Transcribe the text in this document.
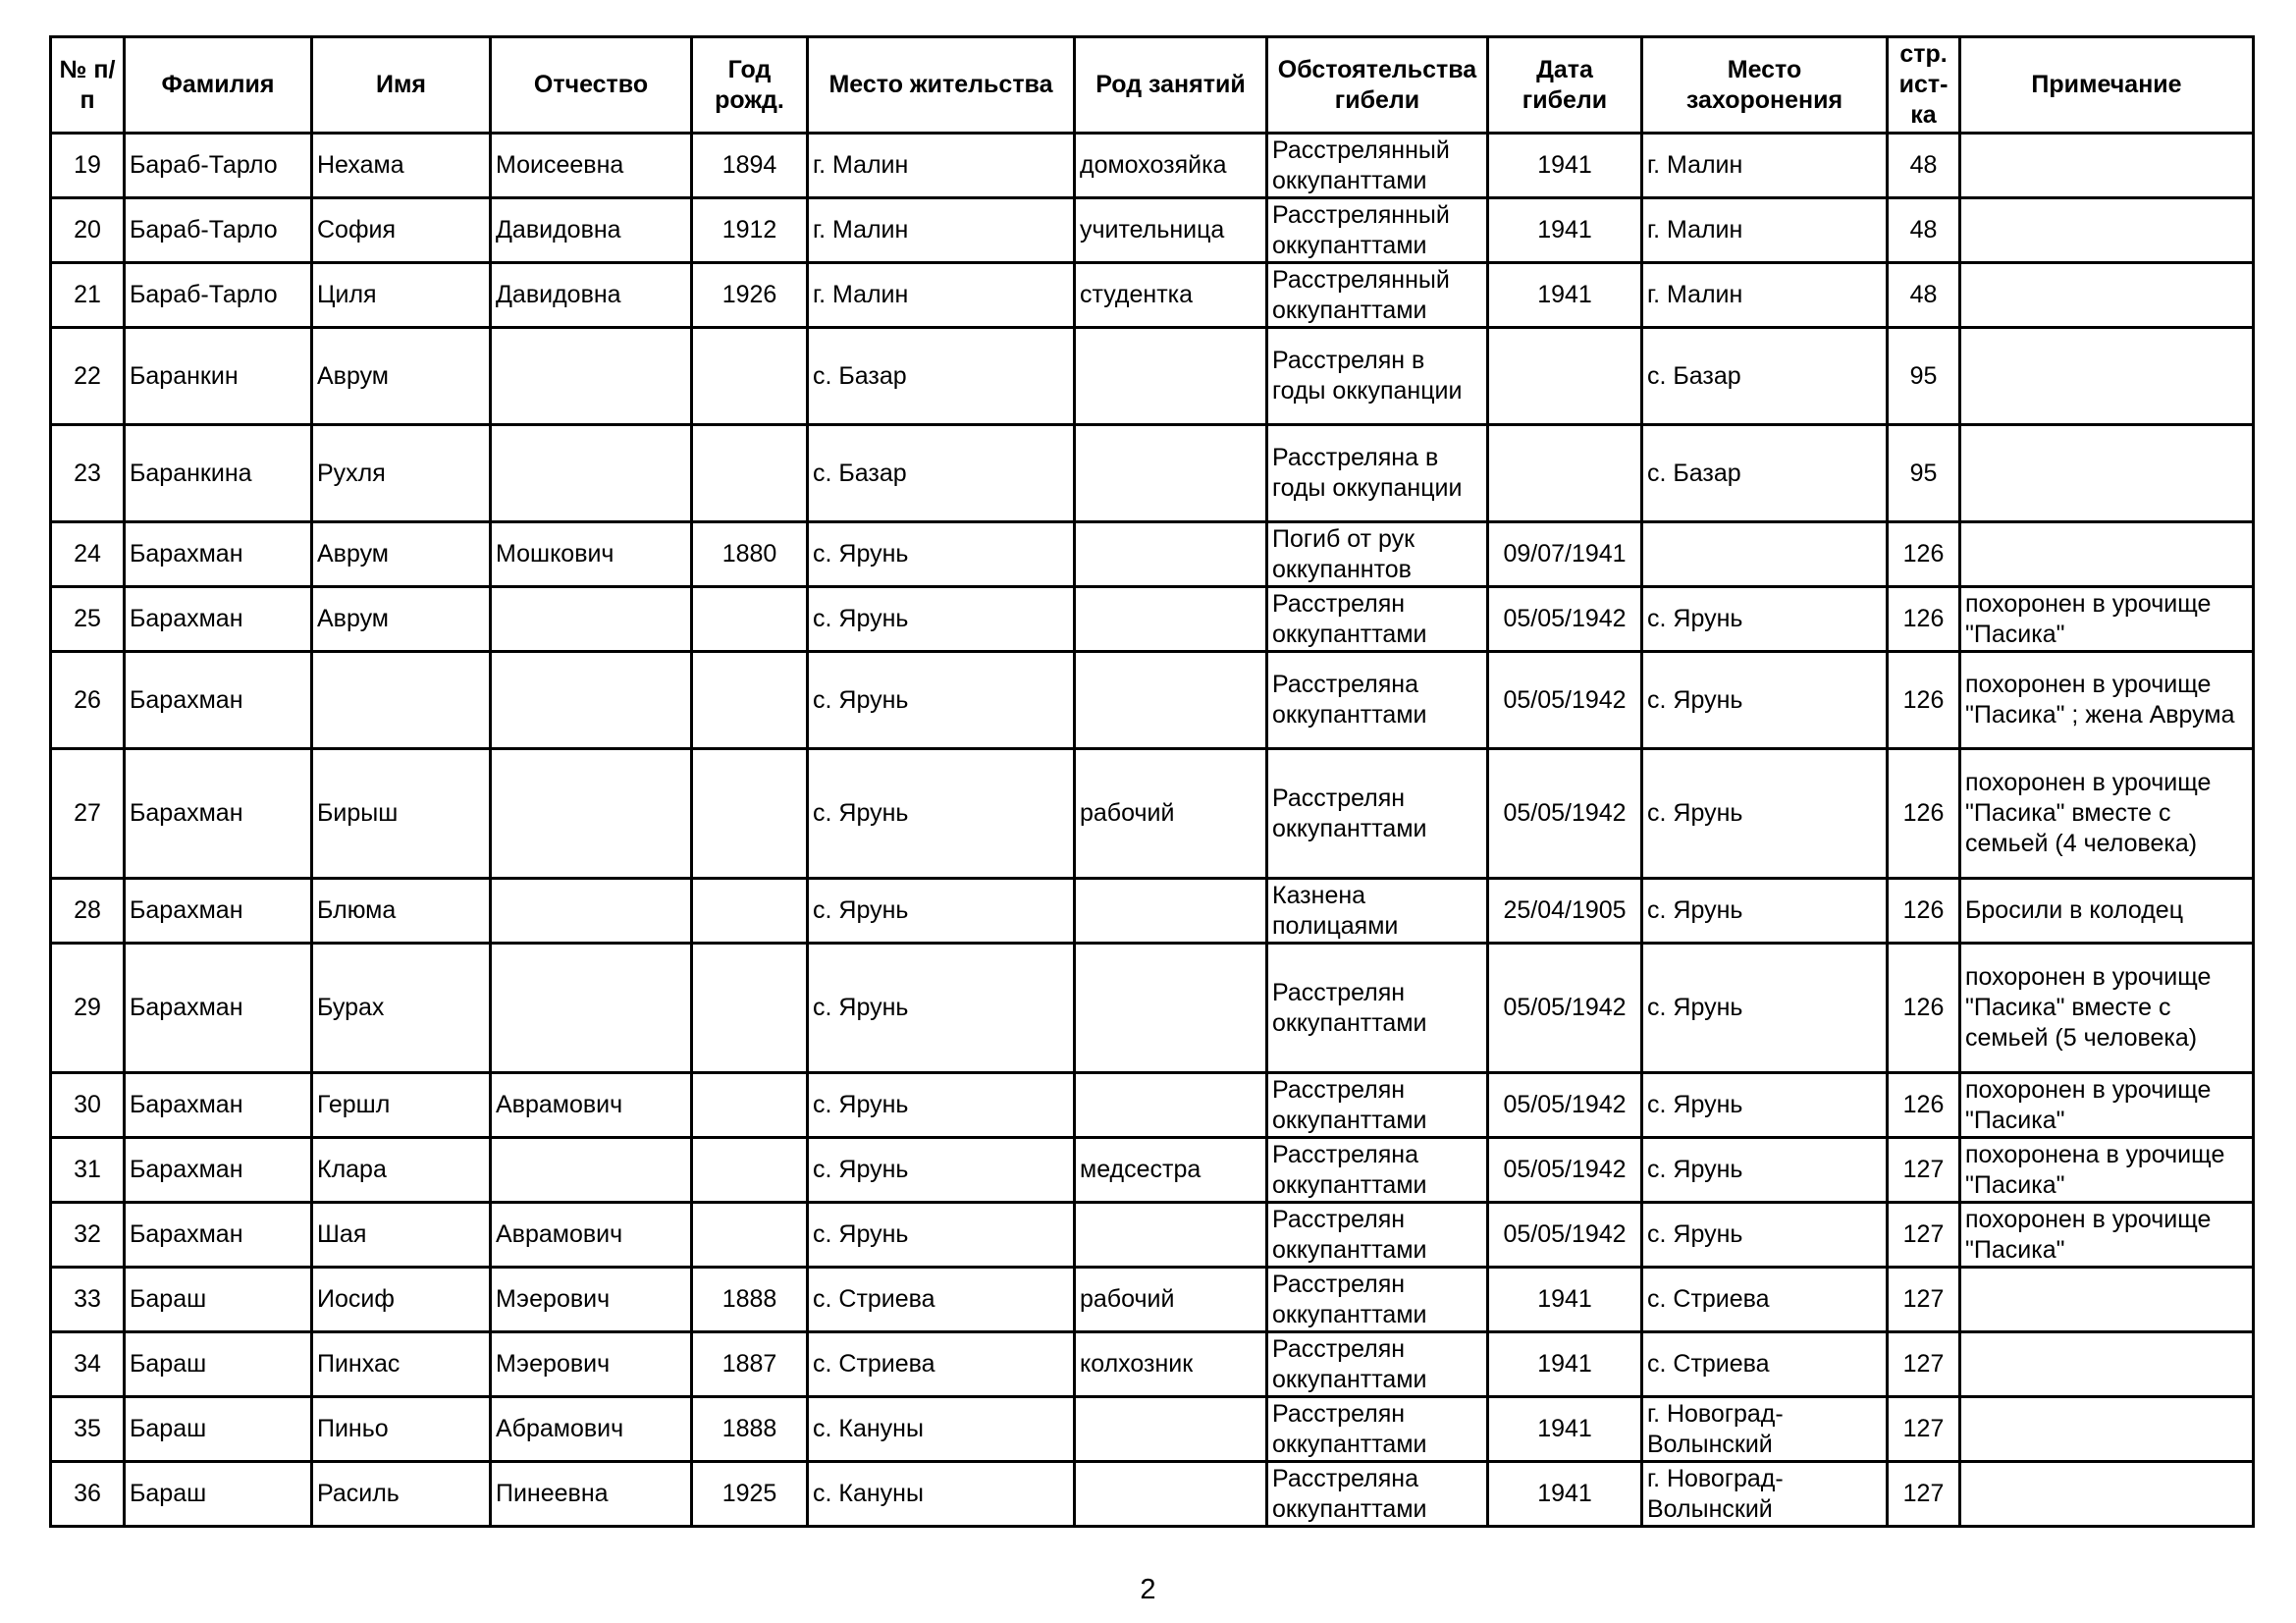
№ п/п	Фамилия	Имя	Отчество	Год рожд.	Место жительства	Род занятий	Обстоятельства гибели	Дата гибели	Место захоронения	стр. ист-ка	Примечание
19	Бараб-Тарло	Нехама	Моисеевна	1894	г. Малин	домохозяйка	Расстрелянный оккупанттами	1941	г. Малин	48	
20	Бараб-Тарло	София	Давидовна	1912	г. Малин	учительница	Расстрелянный оккупанттами	1941	г. Малин	48	
21	Бараб-Тарло	Циля	Давидовна	1926	г. Малин	студентка	Расстрелянный оккупанттами	1941	г. Малин	48	
22	Баранкин	Аврум			с. Базар		Расстрелян в годы оккупанции		с. Базар	95	
23	Баранкина	Рухля			с. Базар		Расстреляна в годы оккупанции		с. Базар	95	
24	Барахман	Аврум	Мошкович	1880	с. Ярунь		Погиб от рук оккупаннтов	09/07/1941		126	
25	Барахман	Аврум			с. Ярунь		Расстрелян оккупанттами	05/05/1942	с. Ярунь	126	похоронен в урочище "Пасика"
26	Барахман				с. Ярунь		Расстреляна оккупанттами	05/05/1942	с. Ярунь	126	похоронен в урочище "Пасика" ; жена Аврума
27	Барахман	Бирыш			с. Ярунь	рабочий	Расстрелян оккупанттами	05/05/1942	с. Ярунь	126	похоронен в урочище "Пасика" вместе с семьей (4 человека)
28	Барахман	Блюма			с. Ярунь		Казнена полицаями	25/04/1905	с. Ярунь	126	Бросили в колодец
29	Барахман	Бурах			с. Ярунь		Расстрелян оккупанттами	05/05/1942	с. Ярунь	126	похоронен в урочище "Пасика" вместе с семьей (5 человека)
30	Барахман	Гершл	Аврамович		с. Ярунь		Расстрелян оккупанттами	05/05/1942	с. Ярунь	126	похоронен в урочище "Пасика"
31	Барахман	Клара			с. Ярунь	медсестра	Расстреляна оккупанттами	05/05/1942	с. Ярунь	127	похоронена в урочище "Пасика"
32	Барахман	Шая	Аврамович		с. Ярунь		Расстрелян оккупанттами	05/05/1942	с. Ярунь	127	похоронен в урочище "Пасика"
33	Бараш	Иосиф	Мэерович	1888	с. Стриева	рабочий	Расстрелян оккупанттами	1941	с. Стриева	127	
34	Бараш	Пинхас	Мэерович	1887	с. Стриева	колхозник	Расстрелян оккупанттами	1941	с. Стриева	127	
35	Бараш	Пиньо	Абрамович	1888	с. Кануны		Расстрелян оккупанттами	1941	г. Новоград-Волынский	127	
36	Бараш	Расиль	Пинеевна	1925	с. Кануны		Расстреляна оккупанттами	1941	г. Новоград-Волынский	127	
2
